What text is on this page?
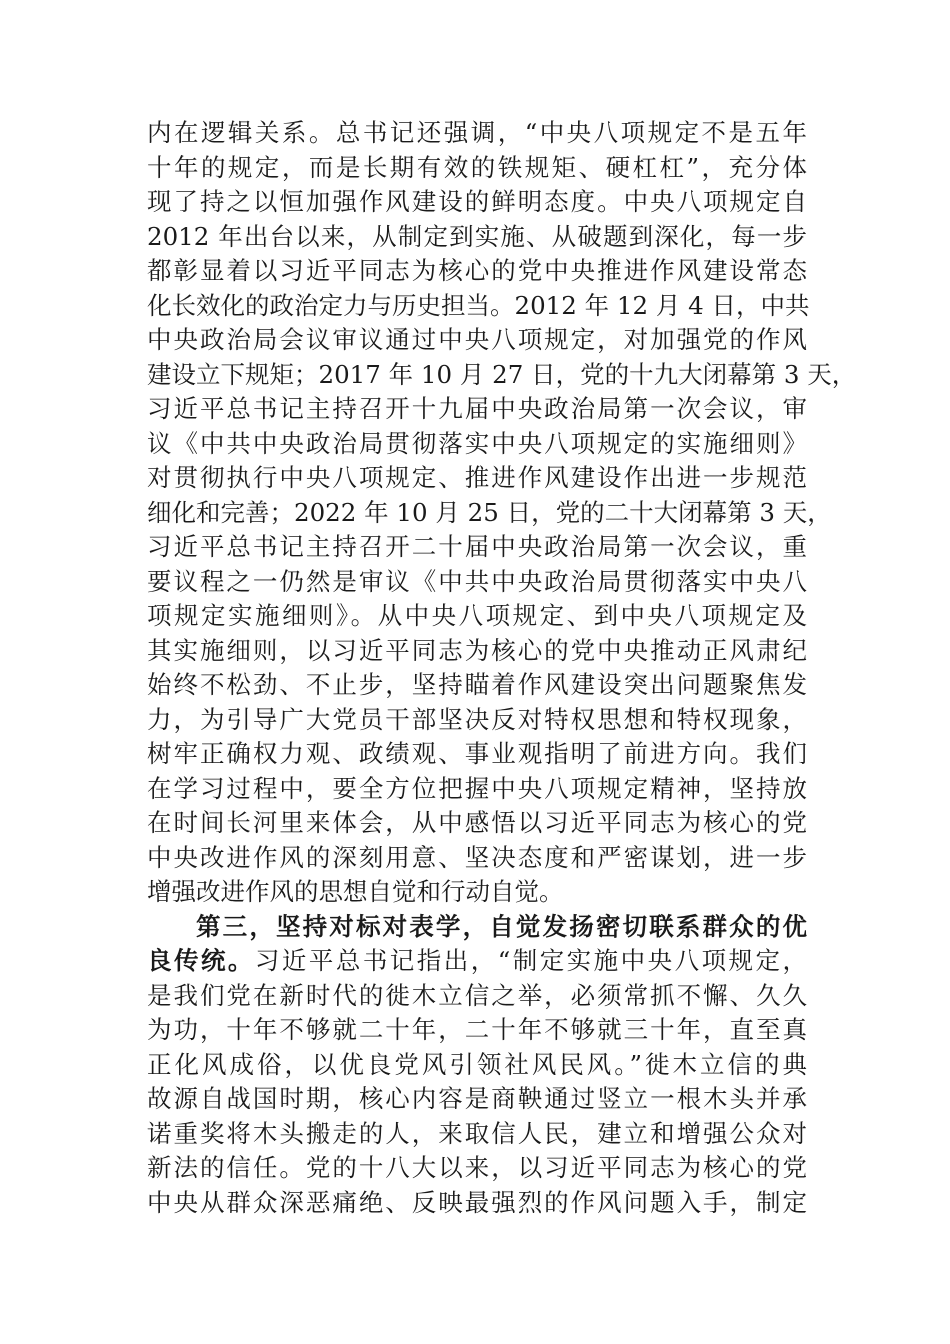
内在逻辑关系。总书记还强调，“中央八项规定不是五年
十年的规定，而是长期有效的铁规矩、硬杠杠”，充分体
现了持之以恒加强作风建设的鲜明态度。中央八项规定自
2012 年出台以来，从制定到实施、从破题到深化，每一步
都彰显着以习近平同志为核心的党中央推进作风建设常态
化长效化的政治定力与历史担当。2012 年 12 月 4 日，中共
中央政治局会议审议通过中央八项规定，对加强党的作风
建设立下规矩；2017 年 10 月 27 日，党的十九大闭幕第 3 天，
习近平总书记主持召开十九届中央政治局第一次会议，审
议《中共中央政治局贯彻落实中央八项规定的实施细则》
对贯彻执行中央八项规定、推进作风建设作出进一步规范
细化和完善；2022 年 10 月 25 日，党的二十大闭幕第 3 天，
习近平总书记主持召开二十届中央政治局第一次会议，重
要议程之一仍然是审议《中共中央政治局贯彻落实中央八
项规定实施细则》。从中央八项规定、到中央八项规定及
其实施细则，以习近平同志为核心的党中央推动正风肃纪
始终不松劲、不止步，坚持瞄着作风建设突出问题聚焦发
力，为引导广大党员干部坚决反对特权思想和特权现象，
树牢正确权力观、政绩观、事业观指明了前进方向。我们
在学习过程中，要全方位把握中央八项规定精神，坚持放
在时间长河里来体会，从中感悟以习近平同志为核心的党
中央改进作风的深刻用意、坚决态度和严密谋划，进一步
增强改进作风的思想自觉和行动自觉。
第三，坚持对标对表学，自觉发扬密切联系群众的优
良传统。习近平总书记指出，“制定实施中央八项规定，
是我们党在新时代的徙木立信之举，必须常抓不懈、久久
为功，十年不够就二十年，二十年不够就三十年，直至真
正化风成俗，以优良党风引领社风民风。”徙木立信的典
故源自战国时期，核心内容是商鞅通过竖立一根木头并承
诺重奖将木头搬走的人，来取信人民，建立和增强公众对
新法的信任。党的十八大以来，以习近平同志为核心的党
中央从群众深恶痛绝、反映最强烈的作风问题入手，制定
